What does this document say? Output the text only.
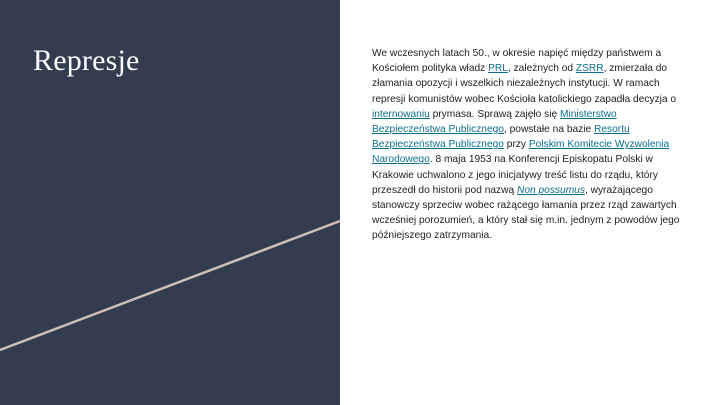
Represje	We wczesnych latach 50., w okresie napięć między państwem a Kościołem polityka władz PRL, zależnych od ZSRR, zmierzała do złamania opozycji i wszelkich niezależnych instytucji. W ramach represji komunistów wobec Kościoła katolickiego zapadła decyzja o internowaniu prymasa. Sprawą zajęło się Ministerstwo Bezpieczeństwa Publicznego, powstałe na bazie Resortu Bezpieczeństwa Publicznego przy Polskim Komitecie Wyzwolenia Narodowego. 8 maja 1953 na Konferencji Episkopatu Polski w Krakowie uchwalono z jego inicjatywy treść listu do rządu, który przeszedł do historii pod nazwą Non possumus, wyrażającego stanowczy sprzeciw wobec rażącego łamania przez rząd zawartych wcześniej porozumień, a który stał się m.in. jednym z powodów jego późniejszego zatrzymania.
